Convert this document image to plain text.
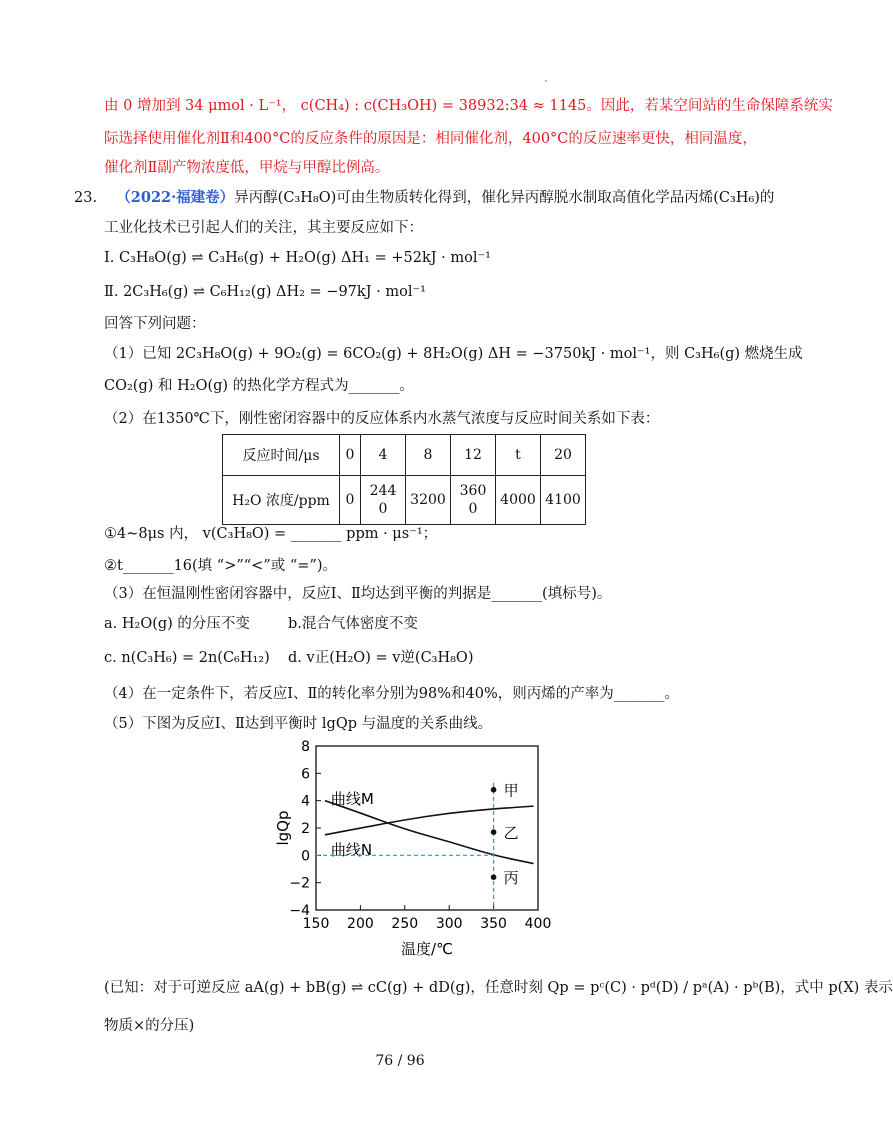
由 0 增加到 34 μmol · L⁻¹， c(CH₄) : c(CH₃OH) = 38932:34 ≈ 1145。因此，若某空间站的生命保障系统实
际选择使用催化剂Ⅱ和400°C的反应条件的原因是：相同催化剂，400°C的反应速率更快，相同温度，
催化剂Ⅱ副产物浓度低，甲烷与甲醇比例高。
23. （2022·福建卷）异丙醇(C₃H₈O)可由生物质转化得到，催化异丙醇脱水制取高值化学品丙烯(C₃H₆)的
工业化技术已引起人们的关注，其主要反应如下：
Ⅰ. C₃H₈O(g) ⇌ C₃H₆(g) + H₂O(g) ΔH₁ = +52kJ · mol⁻¹
Ⅱ. 2C₃H₆(g) ⇌ C₆H₁₂(g) ΔH₂ = −97kJ · mol⁻¹
回答下列问题：
（1）已知 2C₃H₈O(g) + 9O₂(g) = 6CO₂(g) + 8H₂O(g) ΔH = −3750kJ · mol⁻¹，则 C₃H₆(g) 燃烧生成
CO₂(g) 和 H₂O(g) 的热化学方程式为_______。
（2）在1350℃下，刚性密闭容器中的反应体系内水蒸气浓度与反应时间关系如下表：
反应时间/μs	0	4	8	12	t	20
H₂O 浓度/ppm	0	2440	3200	3600	4000	4100
①4~8μs 内， v(C₃H₈O) = _______ ppm · μs⁻¹；
②t_______16(填 “>”“<”或 “=”)。
（3）在恒温刚性密闭容器中，反应Ⅰ、Ⅱ均达到平衡的判据是_______(填标号)。
a. H₂O(g) 的分压不变	b.混合气体密度不变
c. n(C₃H₆) = 2n(C₆H₁₂) d. v正(H₂O) = v逆(C₃H₈O)
（4）在一定条件下，若反应Ⅰ、Ⅱ的转化率分别为98%和40%，则丙烯的产率为_______。
（5）下图为反应Ⅰ、Ⅱ达到平衡时 lgQp 与温度的关系曲线。
−4
−2
0
2
4
6
8
150 200 250 300 350 400
曲线M
曲线N
甲
乙
丙
lgQp
温度/℃
(已知：对于可逆反应 aA(g) + bB(g) ⇌ cC(g) + dD(g)，任意时刻 Qp = pᶜ(C) · pᵈ(D) / pᵃ(A) · pᵇ(B)，式中 p(X) 表示
物质×的分压)
76 / 96
